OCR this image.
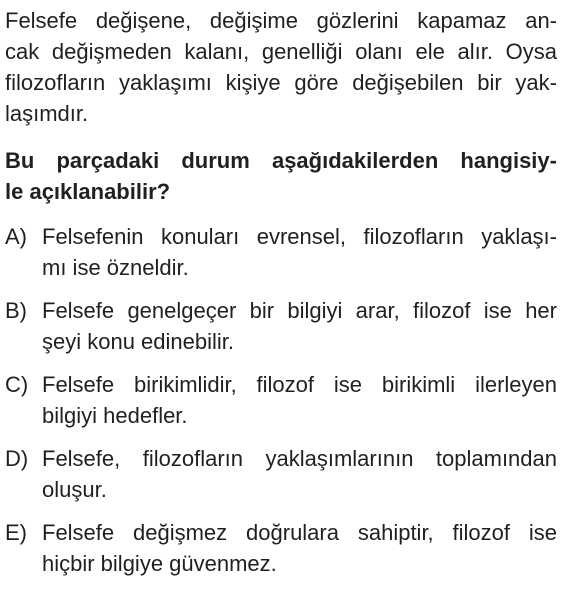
Felsefe değişene, değişime gözlerini kapamaz an-
cak değişmeden kalanı, genelliği olanı ele alır. Oysa
filozofların yaklaşımı kişiye göre değişebilen bir yak-
laşımdır.
Bu parçadaki durum aşağıdakilerden hangisiy-
le açıklanabilir?
A) Felsefenin konuları evrensel, filozofların yaklaşı-
mı ise özneldir.
B) Felsefe genelgeçer bir bilgiyi arar, filozof ise her
şeyi konu edinebilir.
C) Felsefe birikimlidir, filozof ise birikimli ilerleyen
bilgiyi hedefler.
D) Felsefe, filozofların yaklaşımlarının toplamından
oluşur.
E) Felsefe değişmez doğrulara sahiptir, filozof ise
hiçbir bilgiye güvenmez.
